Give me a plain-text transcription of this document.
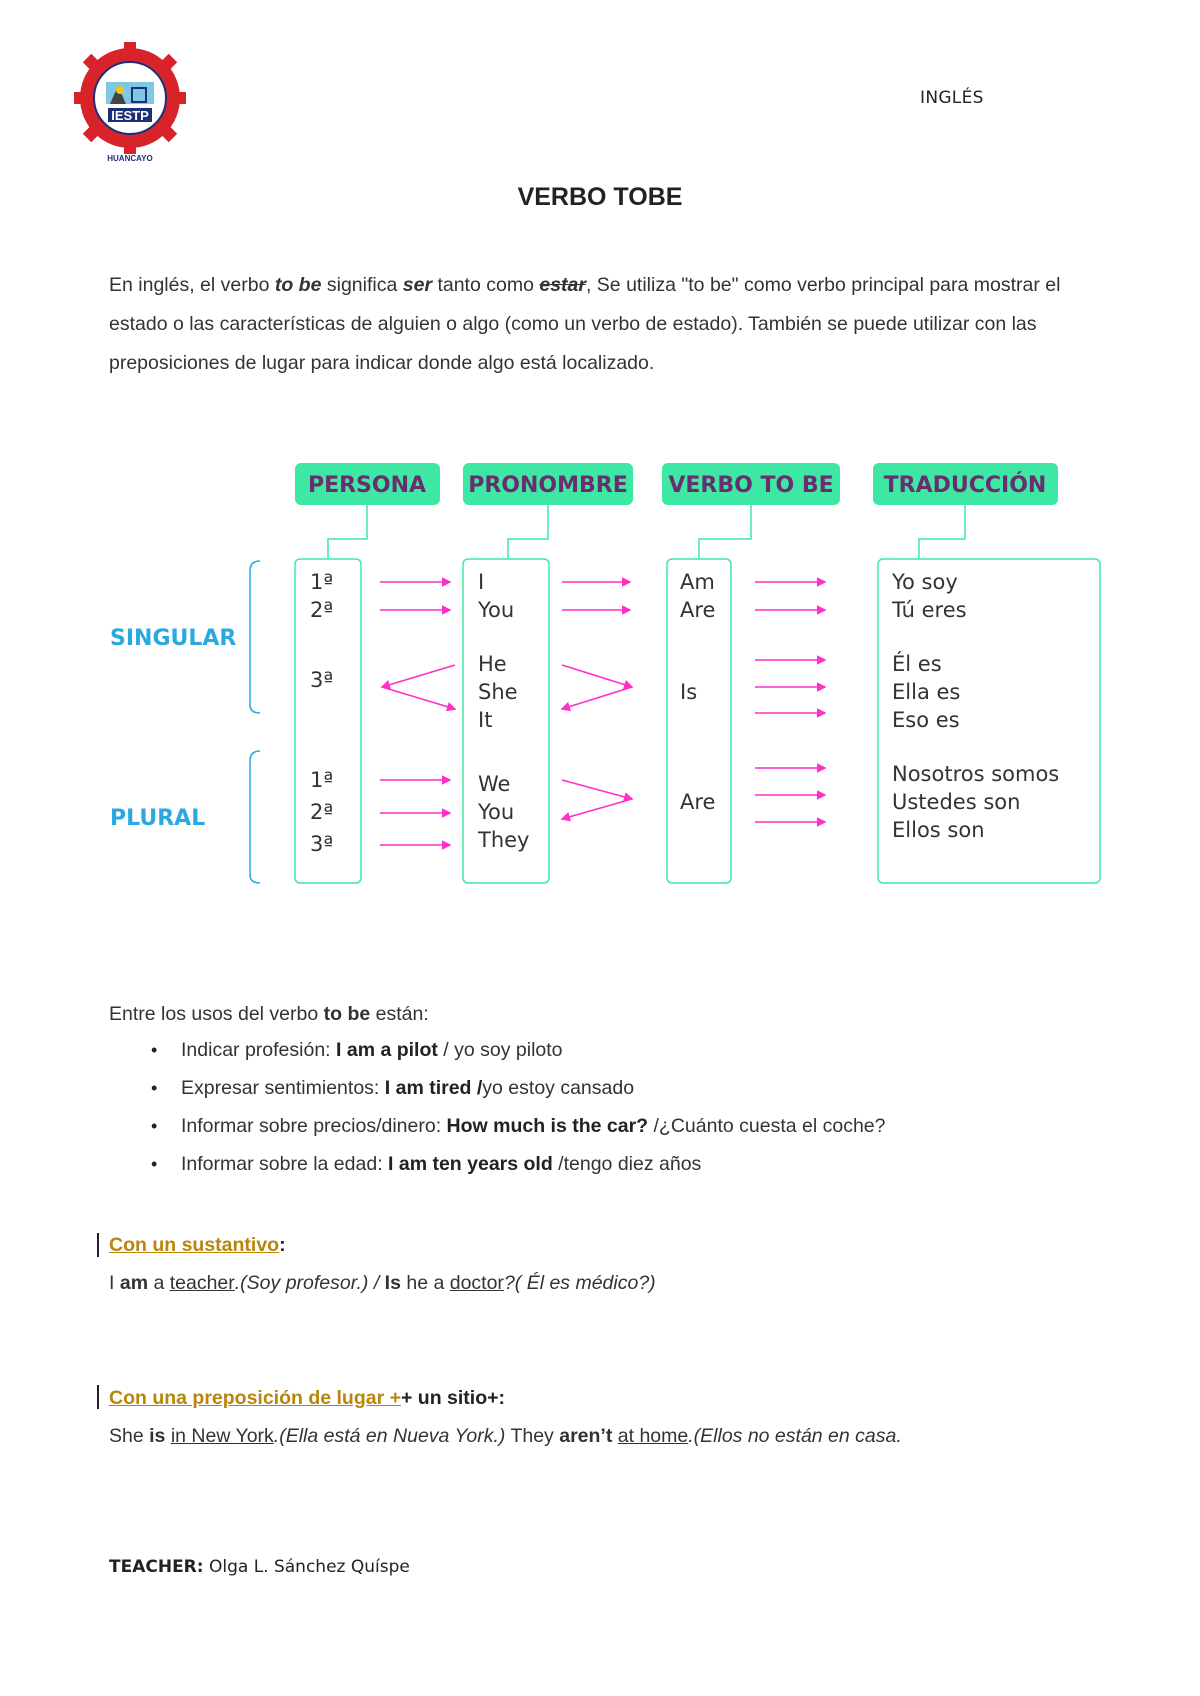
IESTP
HUANCAYO
INGLÉS
VERBO TOBE
En inglés, el verbo to be significa ser tanto como estar, Se utiliza "to be" como verbo principal para mostrar el estado o las características de alguien o algo (como un verbo de estado). También se puede utilizar con las preposiciones de lugar para indicar donde algo está localizado.
PERSONA PRONOMBRE VERBO TO BE TRADUCCIÓN
SINGULAR
PLURAL
1ª
2ª
3ª
1ª
2ª
3ª
I
You
He
She
It
We
You
They
Am
Are
Is
Are
Yo soy
Tú eres
Él es
Ella es
Eso es
Nosotros somos
Ustedes son
Ellos son
Entre los usos del verbo to be están:
• Indicar profesión: I am a pilot / yo soy piloto
• Expresar sentimientos: I am tired /yo estoy cansado
• Informar sobre precios/dinero: How much is the car? /¿Cuánto cuesta el coche?
• Informar sobre la edad: I am ten years old /tengo diez años
Con un sustantivo:
I am a teacher.(Soy profesor.) / Is he a doctor?( Él es médico?)
Con una preposición de lugar ++ un sitio+:
She is in New York.(Ella está en Nueva York.) They aren’t at home.(Ellos no están en casa.
TEACHER: Olga L. Sánchez Quíspe
